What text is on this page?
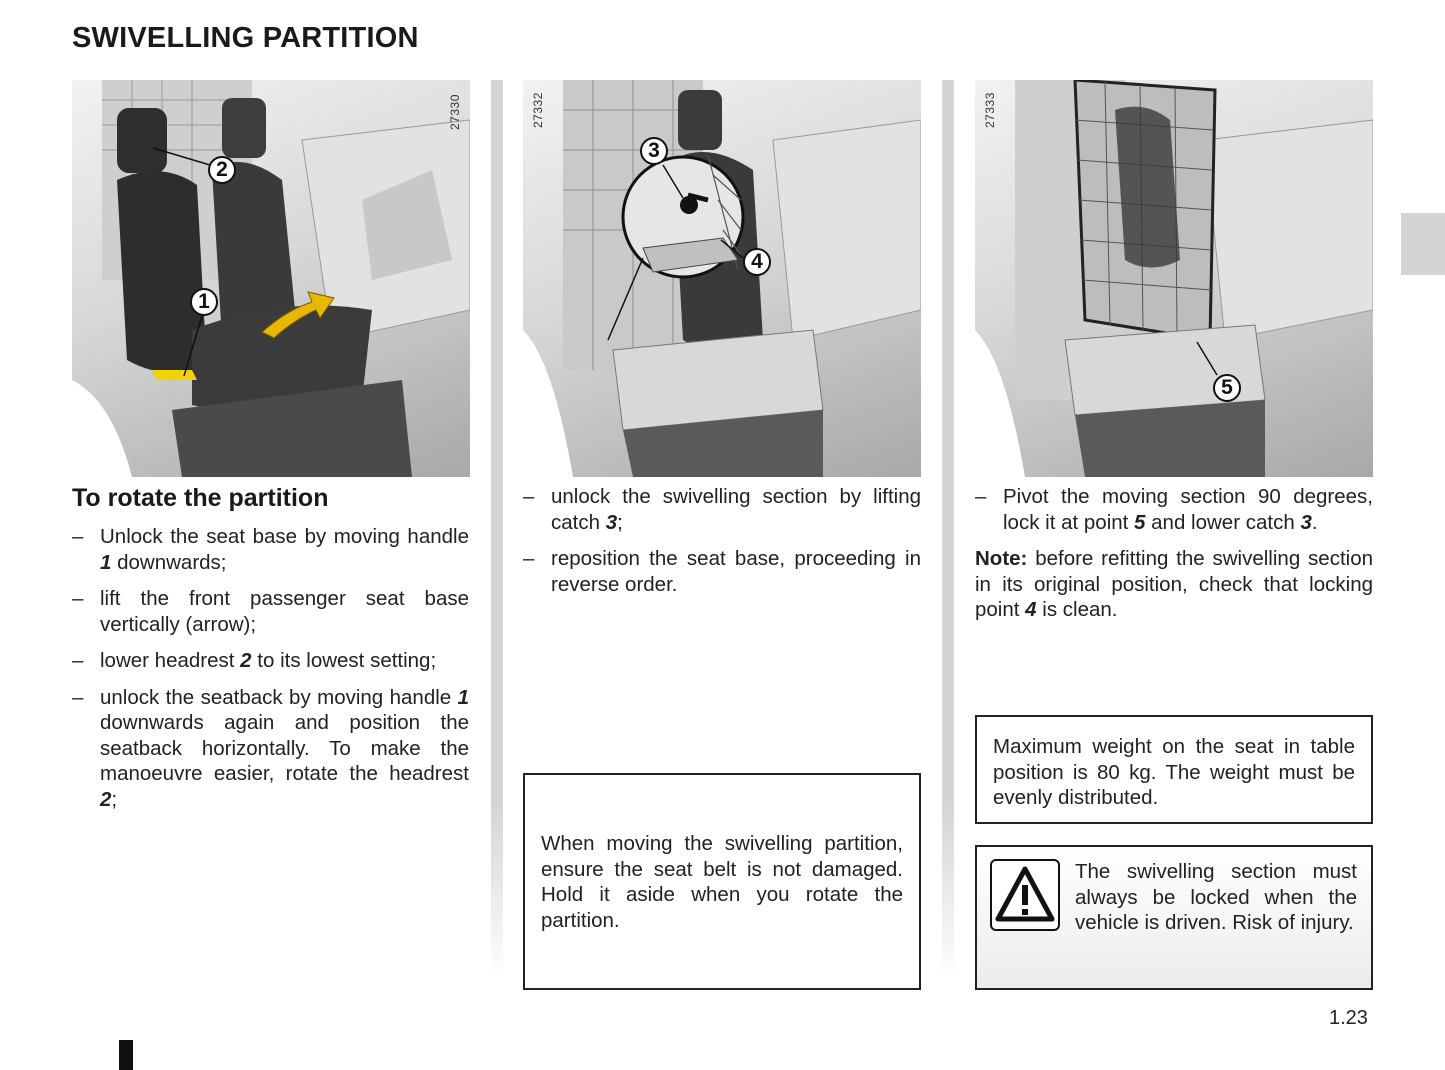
SWIVELLING PARTITION
27330
2
1
27332
3
4
27333
5
To rotate the partition
– Unlock the seat base by moving handle 1 downwards;
– lift the front passenger seat base vertically (arrow);
– lower headrest 2 to its lowest setting;
– unlock the seatback by moving handle 1 downwards again and position the seatback horizontally. To make the manoeuvre easier, rotate the headrest 2;
– unlock the swivelling section by lifting catch 3;
– reposition the seat base, proceeding in reverse order.
When moving the swivelling partition, ensure the seat belt is not damaged. Hold it aside when you rotate the partition.
– Pivot the moving section 90 degrees, lock it at point 5 and lower catch 3.

Note: before refitting the swivelling section in its original position, check that locking point 4 is clean.

Maximum weight on the seat in table position is 80 kg. The weight must be evenly distributed.
The swivelling section must always be locked when the vehicle is driven. Risk of injury.
1.23
